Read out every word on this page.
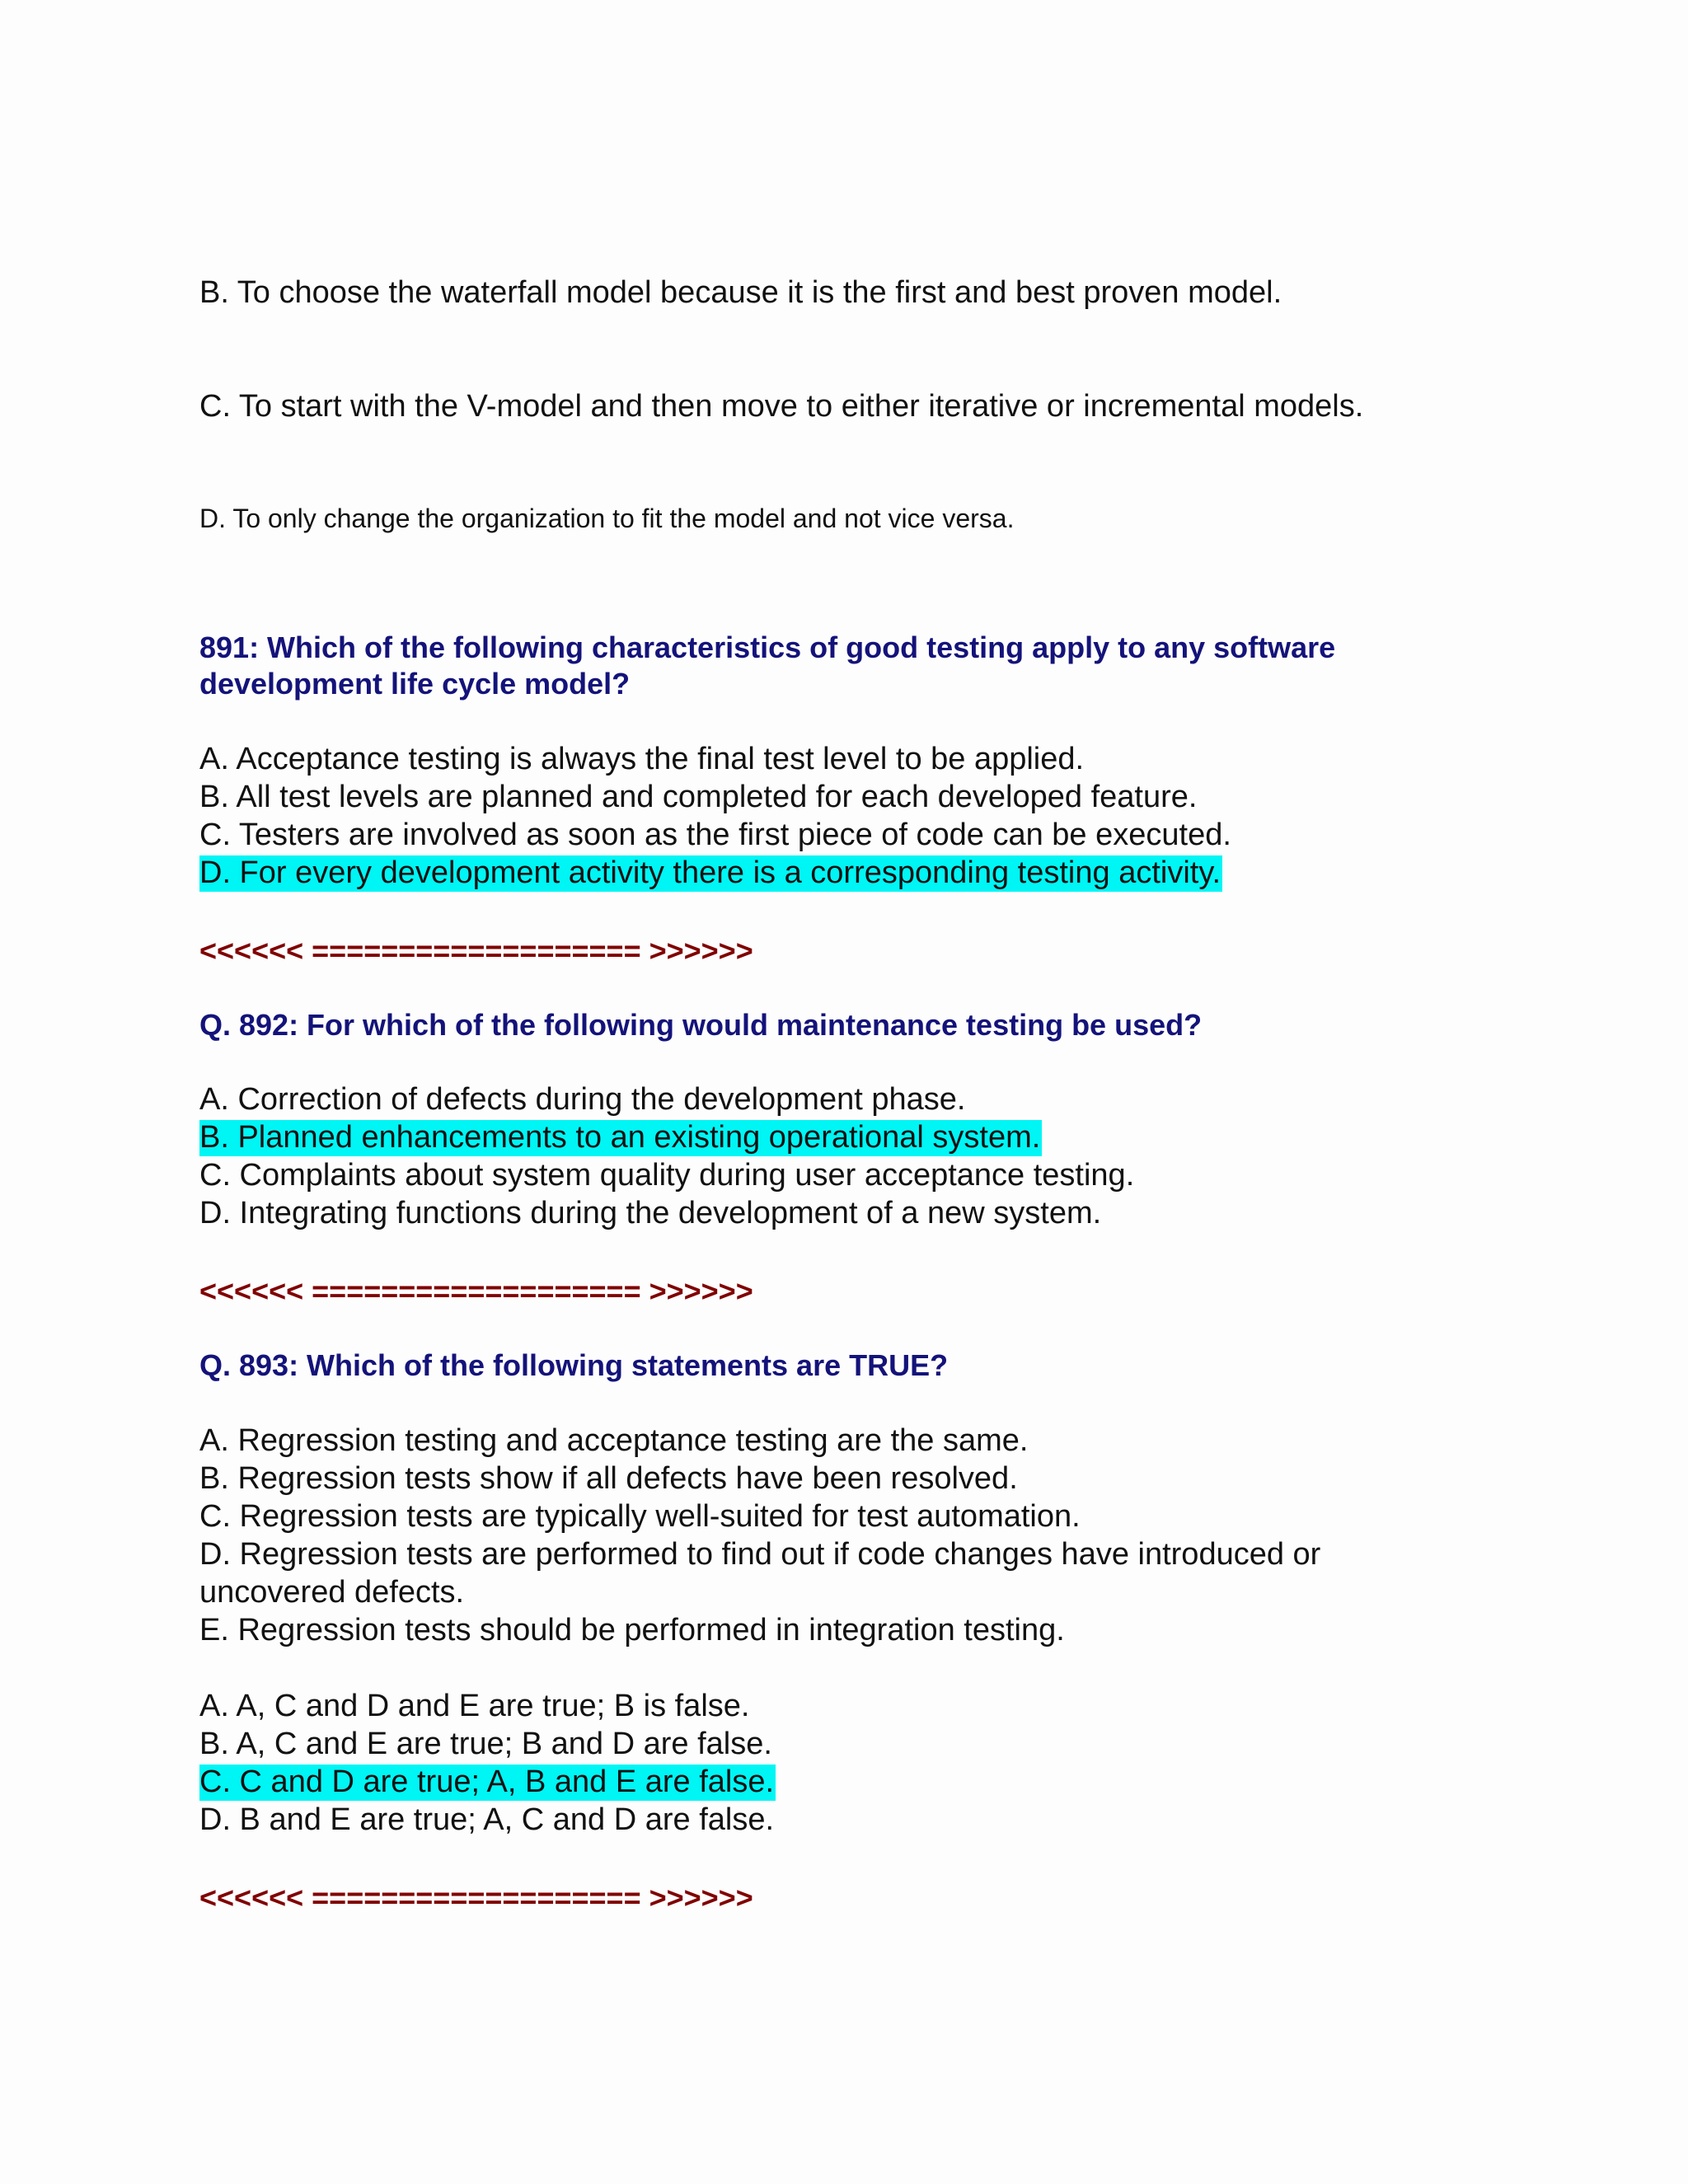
B. To choose the waterfall model because it is the first and best proven model.
C. To start with the V-model and then move to either iterative or incremental models.
D. To only change the organization to fit the model and not vice versa.
891: Which of the following characteristics of good testing apply to any software
development life cycle model?
A. Acceptance testing is always the final test level to be applied.
B. All test levels are planned and completed for each developed feature.
C. Testers are involved as soon as the first piece of code can be executed.
D. For every development activity there is a corresponding testing activity.
<<<<<< =================== >>>>>>
Q. 892: For which of the following would maintenance testing be used?
A. Correction of defects during the development phase.
B. Planned enhancements to an existing operational system.
C. Complaints about system quality during user acceptance testing.
D. Integrating functions during the development of a new system.
<<<<<< =================== >>>>>>
Q. 893: Which of the following statements are TRUE?
A. Regression testing and acceptance testing are the same.
B. Regression tests show if all defects have been resolved.
C. Regression tests are typically well-suited for test automation.
D. Regression tests are performed to find out if code changes have introduced or
uncovered defects.
E. Regression tests should be performed in integration testing.
A. A, C and D and E are true; B is false.
B. A, C and E are true; B and D are false.
C. C and D are true; A, B and E are false.
D. B and E are true; A, C and D are false.
<<<<<< =================== >>>>>>
